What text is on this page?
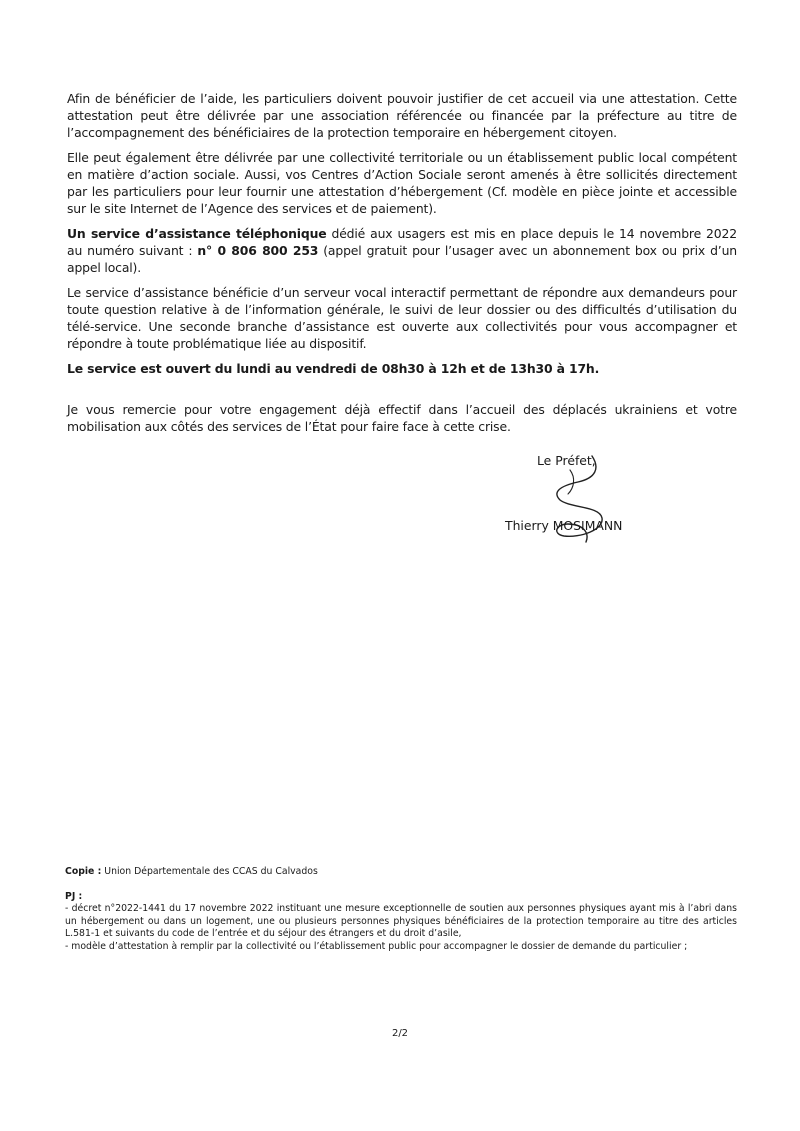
Afin de bénéficier de l’aide, les particuliers doivent pouvoir justifier de cet accueil via une attestation. Cette attestation peut être délivrée par une association référencée ou financée par la préfecture au titre de l’accompagnement des bénéficiaires de la protection temporaire en hébergement citoyen.

Elle peut également être délivrée par une collectivité territoriale ou un établissement public local compétent en matière d’action sociale. Aussi, vos Centres d’Action Sociale seront amenés à être sollicités directement par les particuliers pour leur fournir une attestation d’hébergement (Cf. modèle en pièce jointe et accessible sur le site Internet de l’Agence des services et de paiement).

Un service d’assistance téléphonique dédié aux usagers est mis en place depuis le 14 novembre 2022 au numéro suivant : n° 0 806 800 253 (appel gratuit pour l’usager avec un abonnement box ou prix d’un appel local).

Le service d’assistance bénéficie d’un serveur vocal interactif permettant de répondre aux demandeurs pour toute question relative à de l’information générale, le suivi de leur dossier ou des difficultés d’utilisation du télé-service. Une seconde branche d’assistance est ouverte aux collectivités pour vous accompagner et répondre à toute problématique liée au dispositif.

Le service est ouvert du lundi au vendredi de 08h30 à 12h et de 13h30 à 17h.

Je vous remercie pour votre engagement déjà effectif dans l’accueil des déplacés ukrainiens et votre mobilisation aux côtés des services de l’État pour faire face à cette crise.

Le Préfet,
Thierry MOSIMANN

Copie : Union Départementale des CCAS du Calvados

PJ :

- décret n°2022-1441 du 17 novembre 2022 instituant une mesure exceptionnelle de soutien aux personnes physiques ayant mis à l’abri dans un hébergement ou dans un logement, une ou plusieurs personnes physiques bénéficiaires de la protection temporaire au titre des articles L.581-1 et suivants du code de l’entrée et du séjour des étrangers et du droit d’asile,

- modèle d’attestation à remplir par la collectivité ou l’établissement public pour accompagner le dossier de demande du particulier ;

2/2
